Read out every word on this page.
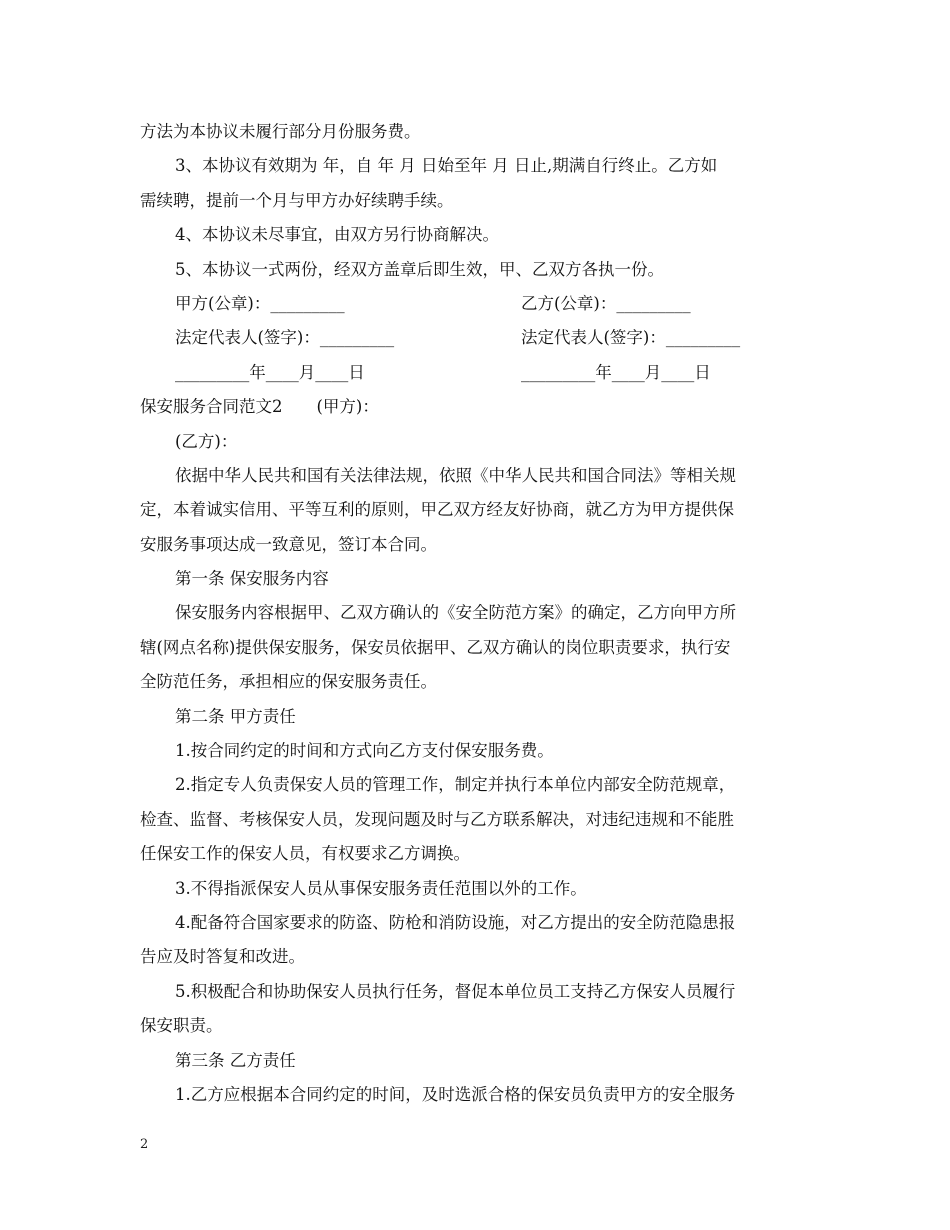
方法为本协议未履行部分月份服务费。
3、本协议有效期为 年，自 年 月 日始至年 月 日止,期满自行终止。乙方如
需续聘，提前一个月与甲方办好续聘手续。
4、本协议未尽事宜，由双方另行协商解决。
5、本协议一式两份，经双方盖章后即生效，甲、乙双方各执一份。
甲方(公章)：_________	乙方(公章)：_________
法定代表人(签字)：_________	法定代表人(签字)：_________
_________年____月____日	_________年____月____日
保安服务合同范文2 (甲方)：
(乙方)：
依据中华人民共和国有关法律法规，依照《中华人民共和国合同法》等相关规
定，本着诚实信用、平等互利的原则，甲乙双方经友好协商，就乙方为甲方提供保
安服务事项达成一致意见，签订本合同。
第一条 保安服务内容
保安服务内容根据甲、乙双方确认的《安全防范方案》的确定，乙方向甲方所
辖(网点名称)提供保安服务，保安员依据甲、乙双方确认的岗位职责要求，执行安
全防范任务，承担相应的保安服务责任。
第二条 甲方责任
1.按合同约定的时间和方式向乙方支付保安服务费。
2.指定专人负责保安人员的管理工作，制定并执行本单位内部安全防范规章，
检查、监督、考核保安人员，发现问题及时与乙方联系解决，对违纪违规和不能胜
任保安工作的保安人员，有权要求乙方调换。
3.不得指派保安人员从事保安服务责任范围以外的工作。
4.配备符合国家要求的防盗、防枪和消防设施，对乙方提出的安全防范隐患报
告应及时答复和改进。
5.积极配合和协助保安人员执行任务，督促本单位员工支持乙方保安人员履行
保安职责。
第三条 乙方责任
1.乙方应根据本合同约定的时间，及时选派合格的保安员负责甲方的安全服务
2
